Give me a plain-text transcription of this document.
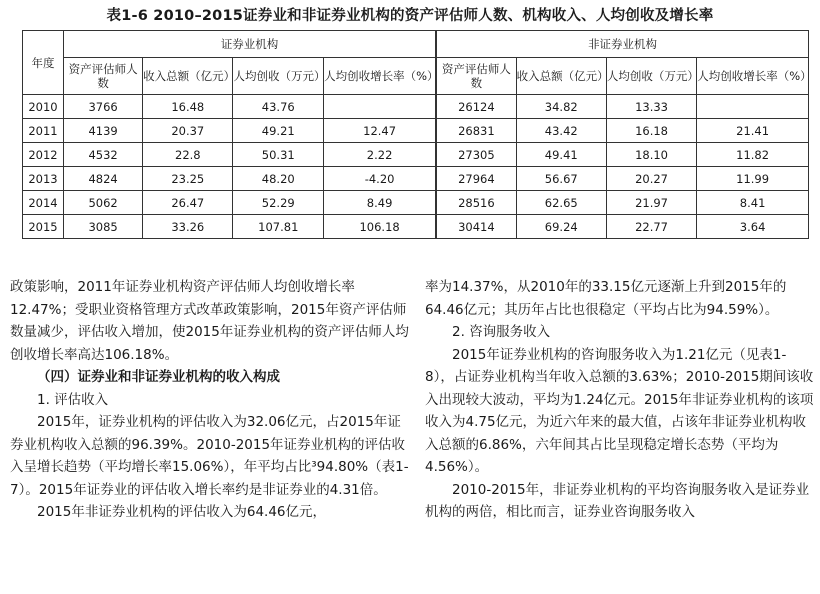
表1-6 2010–2015证券业和非证券业机构的资产评估师人数、机构收入、人均创收及增长率
年度	证券业机构				非证券业机构			
	资产评估师人数	收入总额（亿元）	人均创收（万元）	人均创收增长率（%）	资产评估师人数	收入总额（亿元）	人均创收（万元）	人均创收增长率（%）
2010	3766	16.48	43.76		26124	34.82	13.33	
2011	4139	20.37	49.21	12.47	26831	43.42	16.18	21.41
2012	4532	22.8	50.31	2.22	27305	49.41	18.10	11.82
2013	4824	23.25	48.20	-4.20	27964	56.67	20.27	11.99
2014	5062	26.47	52.29	8.49	28516	62.65	21.97	8.41
2015	3085	33.26	107.81	106.18	30414	69.24	22.77	3.64

政策影响，2011年证券业机构资产评估师人均创收增长率12.47%；受职业资格管理方式改革政策影响，2015年资产评估师数量减少，评估收入增加，使2015年证券业机构的资产评估师人均创收增长率高达106.18%。

（四）证券业和非证券业机构的收入构成

1. 评估收入

2015年，证券业机构的评估收入为32.06亿元，占2015年证券业机构收入总额的96.39%。2010-2015年证券业机构的评估收入呈增长趋势（平均增长率15.06%），年平均占比³94.80%（表1-7）。2015年证券业的评估收入增长率约是非证券业的4.31倍。

2015年非证券业机构的评估收入为64.46亿元，

率为14.37%，从2010年的33.15亿元逐渐上升到2015年的64.46亿元；其历年占比也很稳定（平均占比为94.59%）。

2. 咨询服务收入

2015年证券业机构的咨询服务收入为1.21亿元（见表1-8），占证券业机构当年收入总额的3.63%；2010-2015期间该收入出现较大波动，平均为1.24亿元。2015年非证券业机构的该项收入为4.75亿元，为近六年来的最大值，占该年非证券业机构收入总额的6.86%，六年间其占比呈现稳定增长态势（平均为4.56%）。

2010-2015年，非证券业机构的平均咨询服务收入是证券业机构的两倍，相比而言，证券业咨询服务收入
